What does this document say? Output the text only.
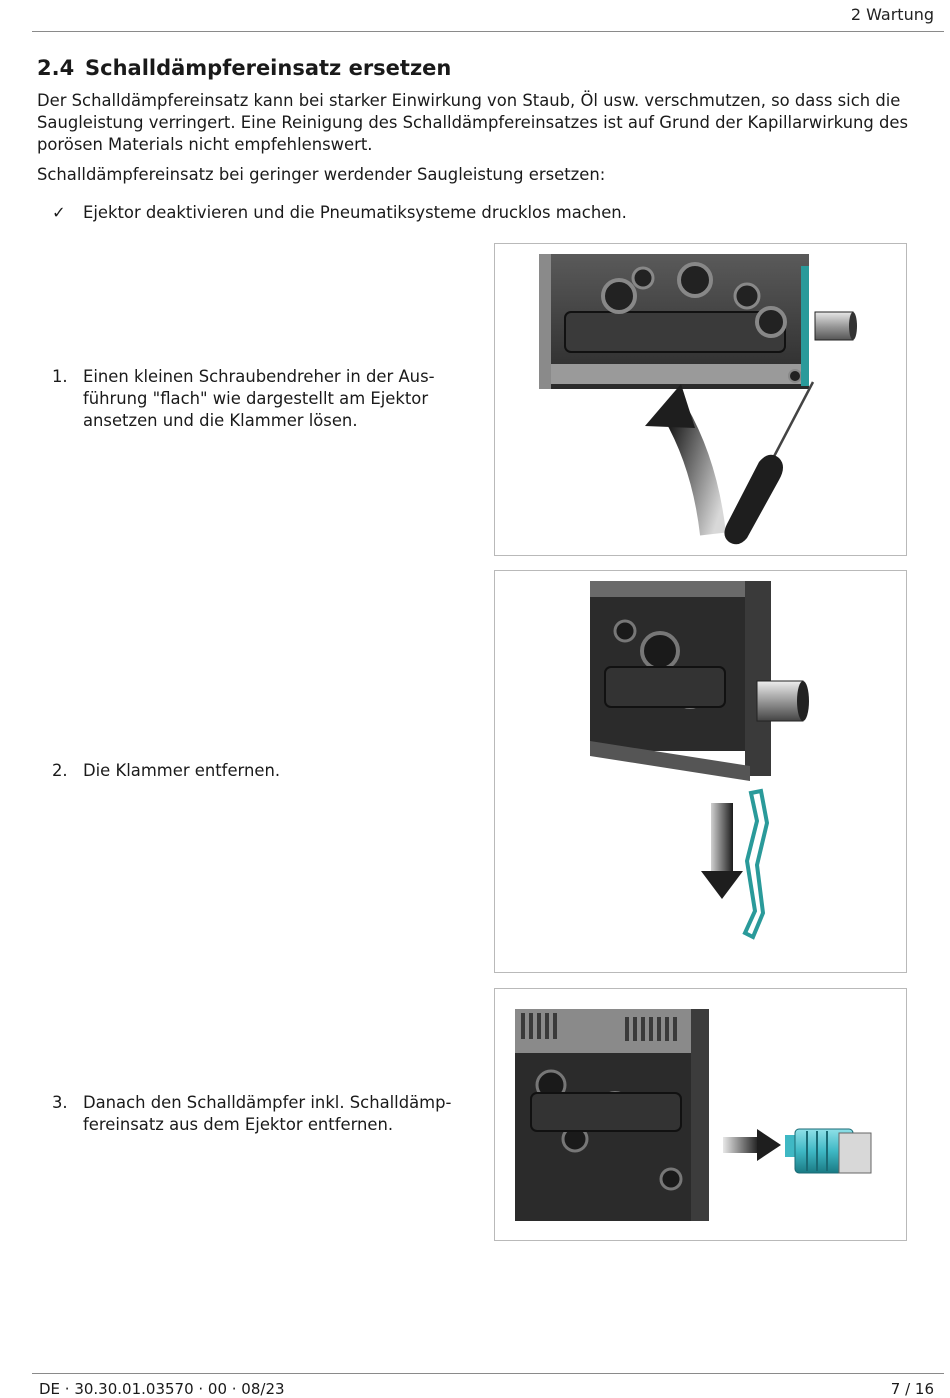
2 Wartung
2.4 Schalldämpfereinsatz ersetzen
Der Schalldämpfereinsatz kann bei starker Einwirkung von Staub, Öl usw. verschmutzen, so dass sich die
Saugleistung verringert. Eine Reinigung des Schalldämpfereinsatzes ist auf Grund der Kapillarwirkung des
porösen Materials nicht empfehlenswert.
Schalldämpfereinsatz bei geringer werdender Saugleistung ersetzen:
✓ Ejektor deaktivieren und die Pneumatiksysteme drucklos machen.
1. Einen kleinen Schraubendreher in der Aus-
führung "flach" wie dargestellt am Ejektor
ansetzen und die Klammer lösen.
2. Die Klammer entfernen.
3. Danach den Schalldämpfer inkl. Schalldämp-
fereinsatz aus dem Ejektor entfernen.
DE · 30.30.01.03570 · 00 · 08/23	7 / 16
